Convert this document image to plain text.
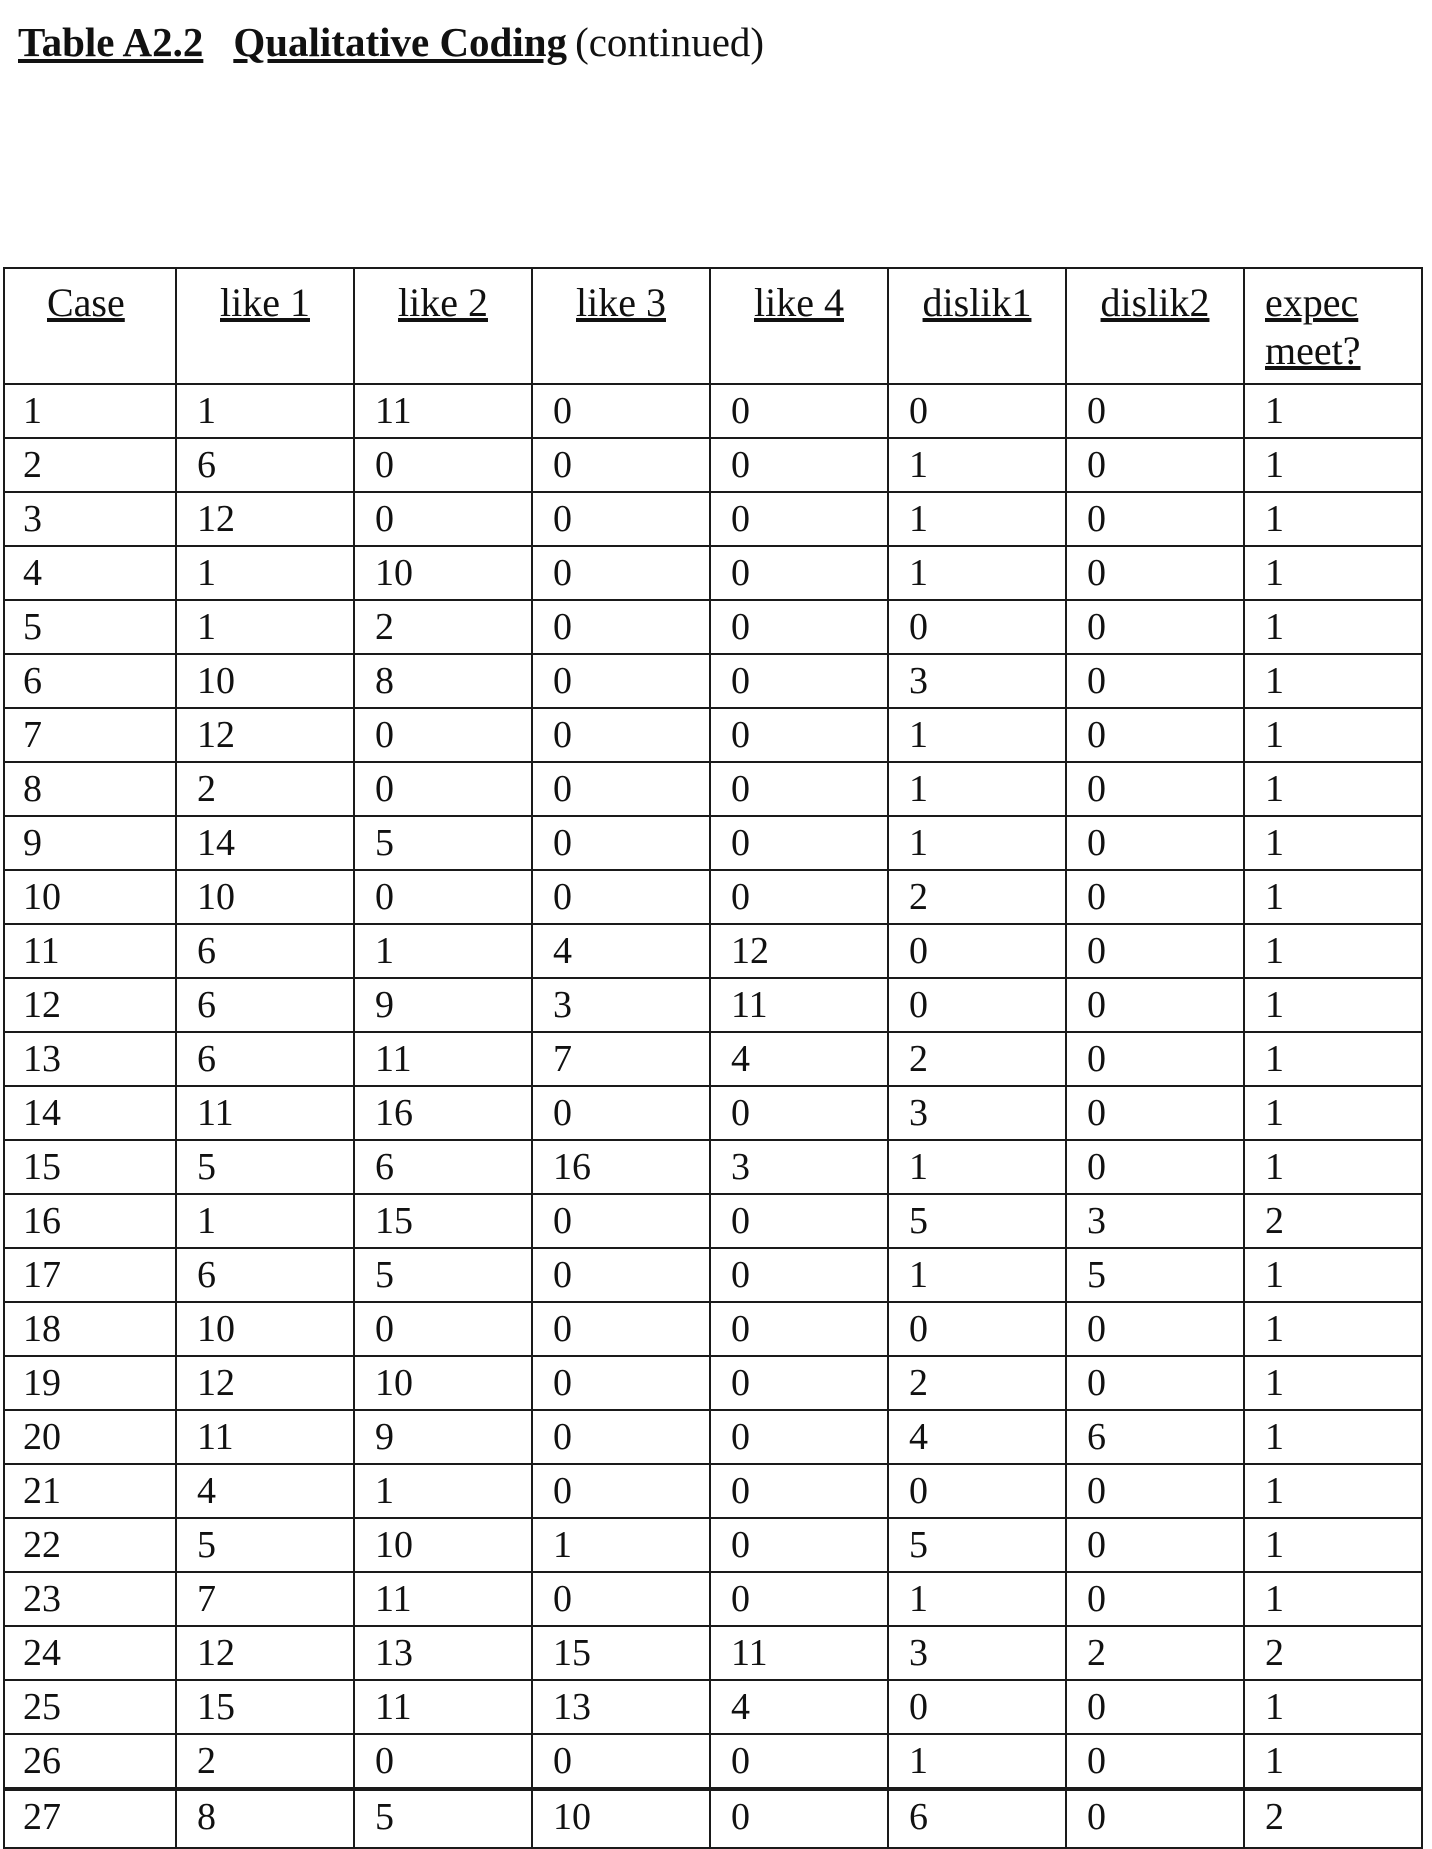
Table A2.2 Qualitative Coding (continued)
Case	like 1	like 2	like 3	like 4	dislik1	dislik2	expec meet?
1	1	11	0	0	0	0	1
2	6	0	0	0	1	0	1
3	12	0	0	0	1	0	1
4	1	10	0	0	1	0	1
5	1	2	0	0	0	0	1
6	10	8	0	0	3	0	1
7	12	0	0	0	1	0	1
8	2	0	0	0	1	0	1
9	14	5	0	0	1	0	1
10	10	0	0	0	2	0	1
11	6	1	4	12	0	0	1
12	6	9	3	11	0	0	1
13	6	11	7	4	2	0	1
14	11	16	0	0	3	0	1
15	5	6	16	3	1	0	1
16	1	15	0	0	5	3	2
17	6	5	0	0	1	5	1
18	10	0	0	0	0	0	1
19	12	10	0	0	2	0	1
20	11	9	0	0	4	6	1
21	4	1	0	0	0	0	1
22	5	10	1	0	5	0	1
23	7	11	0	0	1	0	1
24	12	13	15	11	3	2	2
25	15	11	13	4	0	0	1
26	2	0	0	0	1	0	1
27	8	5	10	0	6	0	2
